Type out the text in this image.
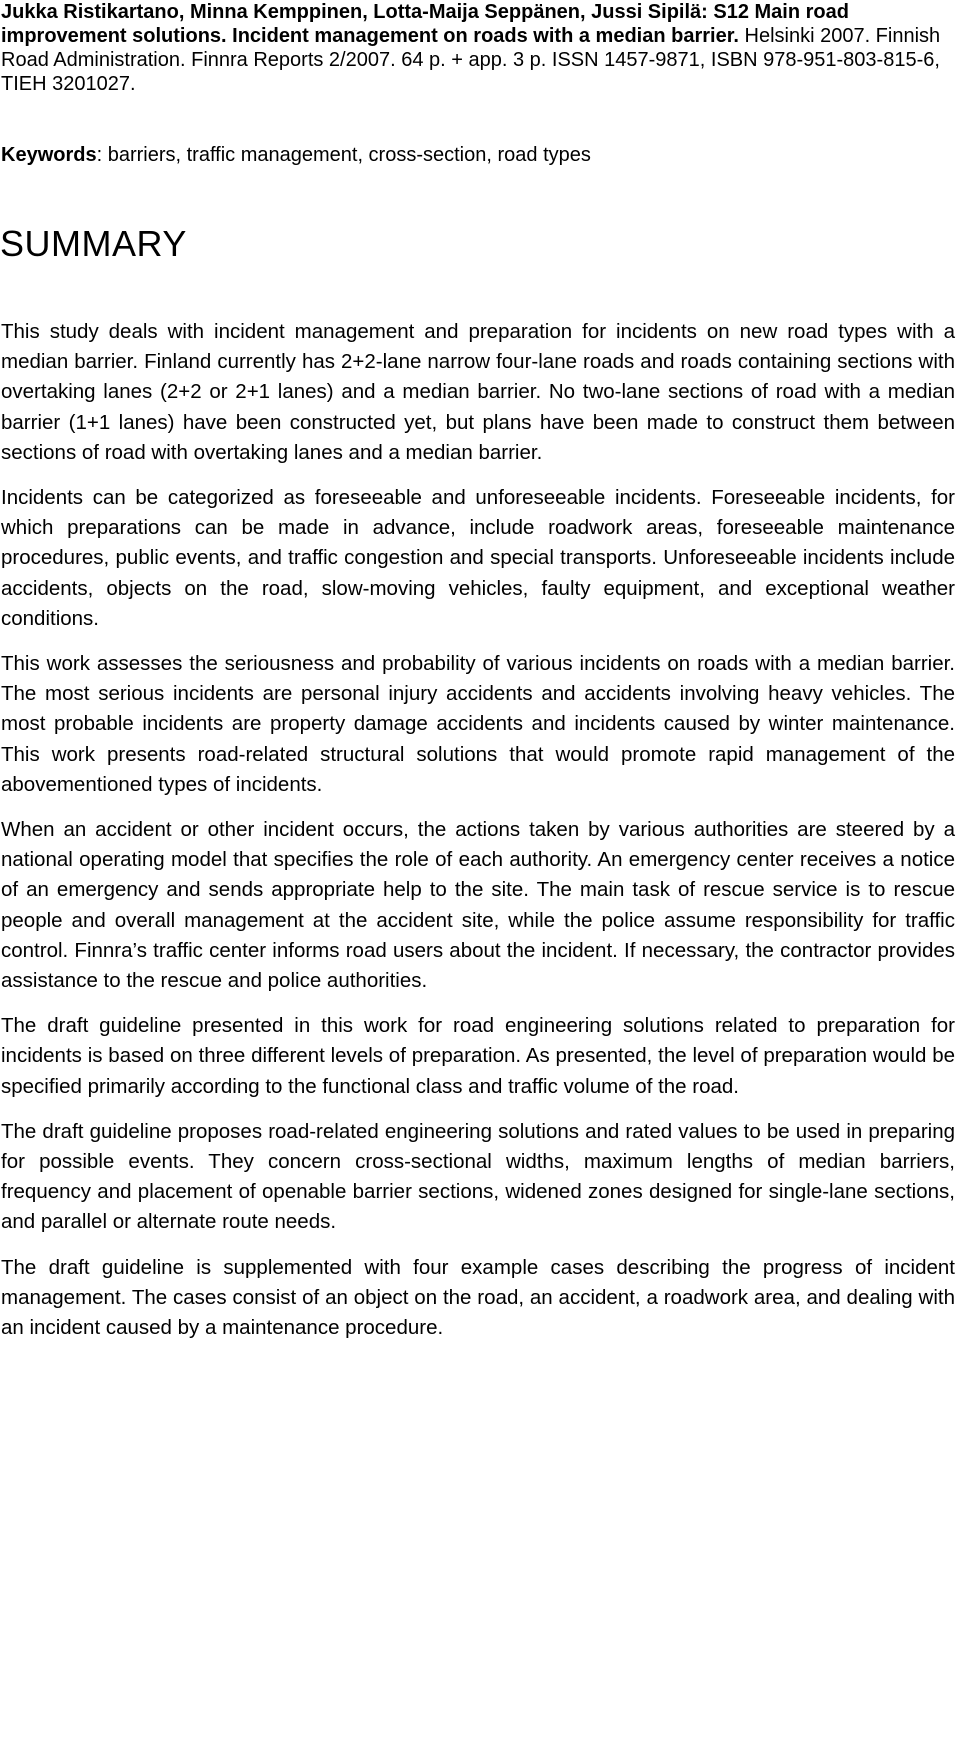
Jukka Ristikartano, Minna Kemppinen, Lotta-Maija Seppänen, Jussi Sipilä: S12 Main road improvement solutions. Incident management on roads with a median barrier. Helsinki 2007. Finnish Road Administration. Finnra Reports 2/2007. 64 p. + app. 3 p. ISSN 1457-9871, ISBN 978-951-803-815-6, TIEH 3201027.

Keywords: barriers, traffic management, cross-section, road types

SUMMARY

This study deals with incident management and preparation for incidents on new road types with a median barrier. Finland currently has 2+2-lane narrow four-lane roads and roads containing sections with overtaking lanes (2+2 or 2+1 lanes) and a median barrier. No two-lane sections of road with a median barrier (1+1 lanes) have been constructed yet, but plans have been made to construct them between sections of road with overtaking lanes and a median barrier.

Incidents can be categorized as foreseeable and unforeseeable incidents. Foreseeable incidents, for which preparations can be made in advance, include roadwork areas, foreseeable maintenance procedures, public events, and traffic congestion and special transports. Unforeseeable incidents include accidents, objects on the road, slow-moving vehicles, faulty equipment, and exceptional weather conditions.

This work assesses the seriousness and probability of various incidents on roads with a median barrier. The most serious incidents are personal injury accidents and accidents involving heavy vehicles. The most probable incidents are property damage accidents and incidents caused by winter maintenance. This work presents road-related structural solutions that would promote rapid management of the abovementioned types of incidents.

When an accident or other incident occurs, the actions taken by various authorities are steered by a national operating model that specifies the role of each authority. An emergency center receives a notice of an emergency and sends appropriate help to the site. The main task of rescue service is to rescue people and overall management at the accident site, while the police assume responsibility for traffic control. Finnra’s traffic center informs road users about the incident. If necessary, the contractor provides assistance to the rescue and police authorities.

The draft guideline presented in this work for road engineering solutions related to preparation for incidents is based on three different levels of preparation. As presented, the level of preparation would be specified primarily according to the functional class and traffic volume of the road.

The draft guideline proposes road-related engineering solutions and rated values to be used in preparing for possible events. They concern cross-sectional widths, maximum lengths of median barriers, frequency and placement of openable barrier sections, widened zones designed for single-lane sections, and parallel or alternate route needs.

The draft guideline is supplemented with four example cases describing the progress of incident management. The cases consist of an object on the road, an accident, a roadwork area, and dealing with an incident caused by a maintenance procedure.
